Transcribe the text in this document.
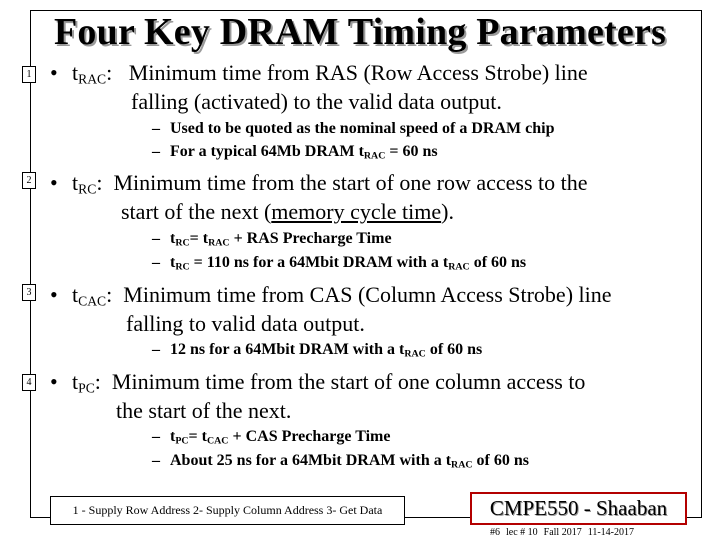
Four Key DRAM Timing Parameters
1 • $t_{RAC}$: Minimum time from RAS (Row Access Strobe) line
falling (activated) to the valid data output.
– Used to be quoted as the nominal speed of a DRAM chip
– For a typical 64Mb DRAM $t_{RAC} = 60$ ns
2 • $t_{RC}$: Minimum time from the start of one row access to the
start of the next (memory cycle time).
– $t_{RC}= t_{RAC}$ + RAS Precharge Time
– $t_{RC} = 110$ ns for a 64Mbit DRAM with a $t_{RAC}$ of 60 ns
3 • $t_{CAC}$: Minimum time from CAS (Column Access Strobe) line
falling to valid data output.
– 12 ns for a 64Mbit DRAM with a $t_{RAC}$ of 60 ns
4 • $t_{PC}$: Minimum time from the start of one column access to
the start of the next.
– $t_{PC}= t_{CAC}$ + CAS Precharge Time
– About 25 ns for a 64Mbit DRAM with a $t_{RAC}$ of 60 ns
1 - Supply Row Address 2- Supply Column Address 3- Get Data	CMPE550 - Shaaban
#6 lec # 10 Fall 2017 11-14-2017
